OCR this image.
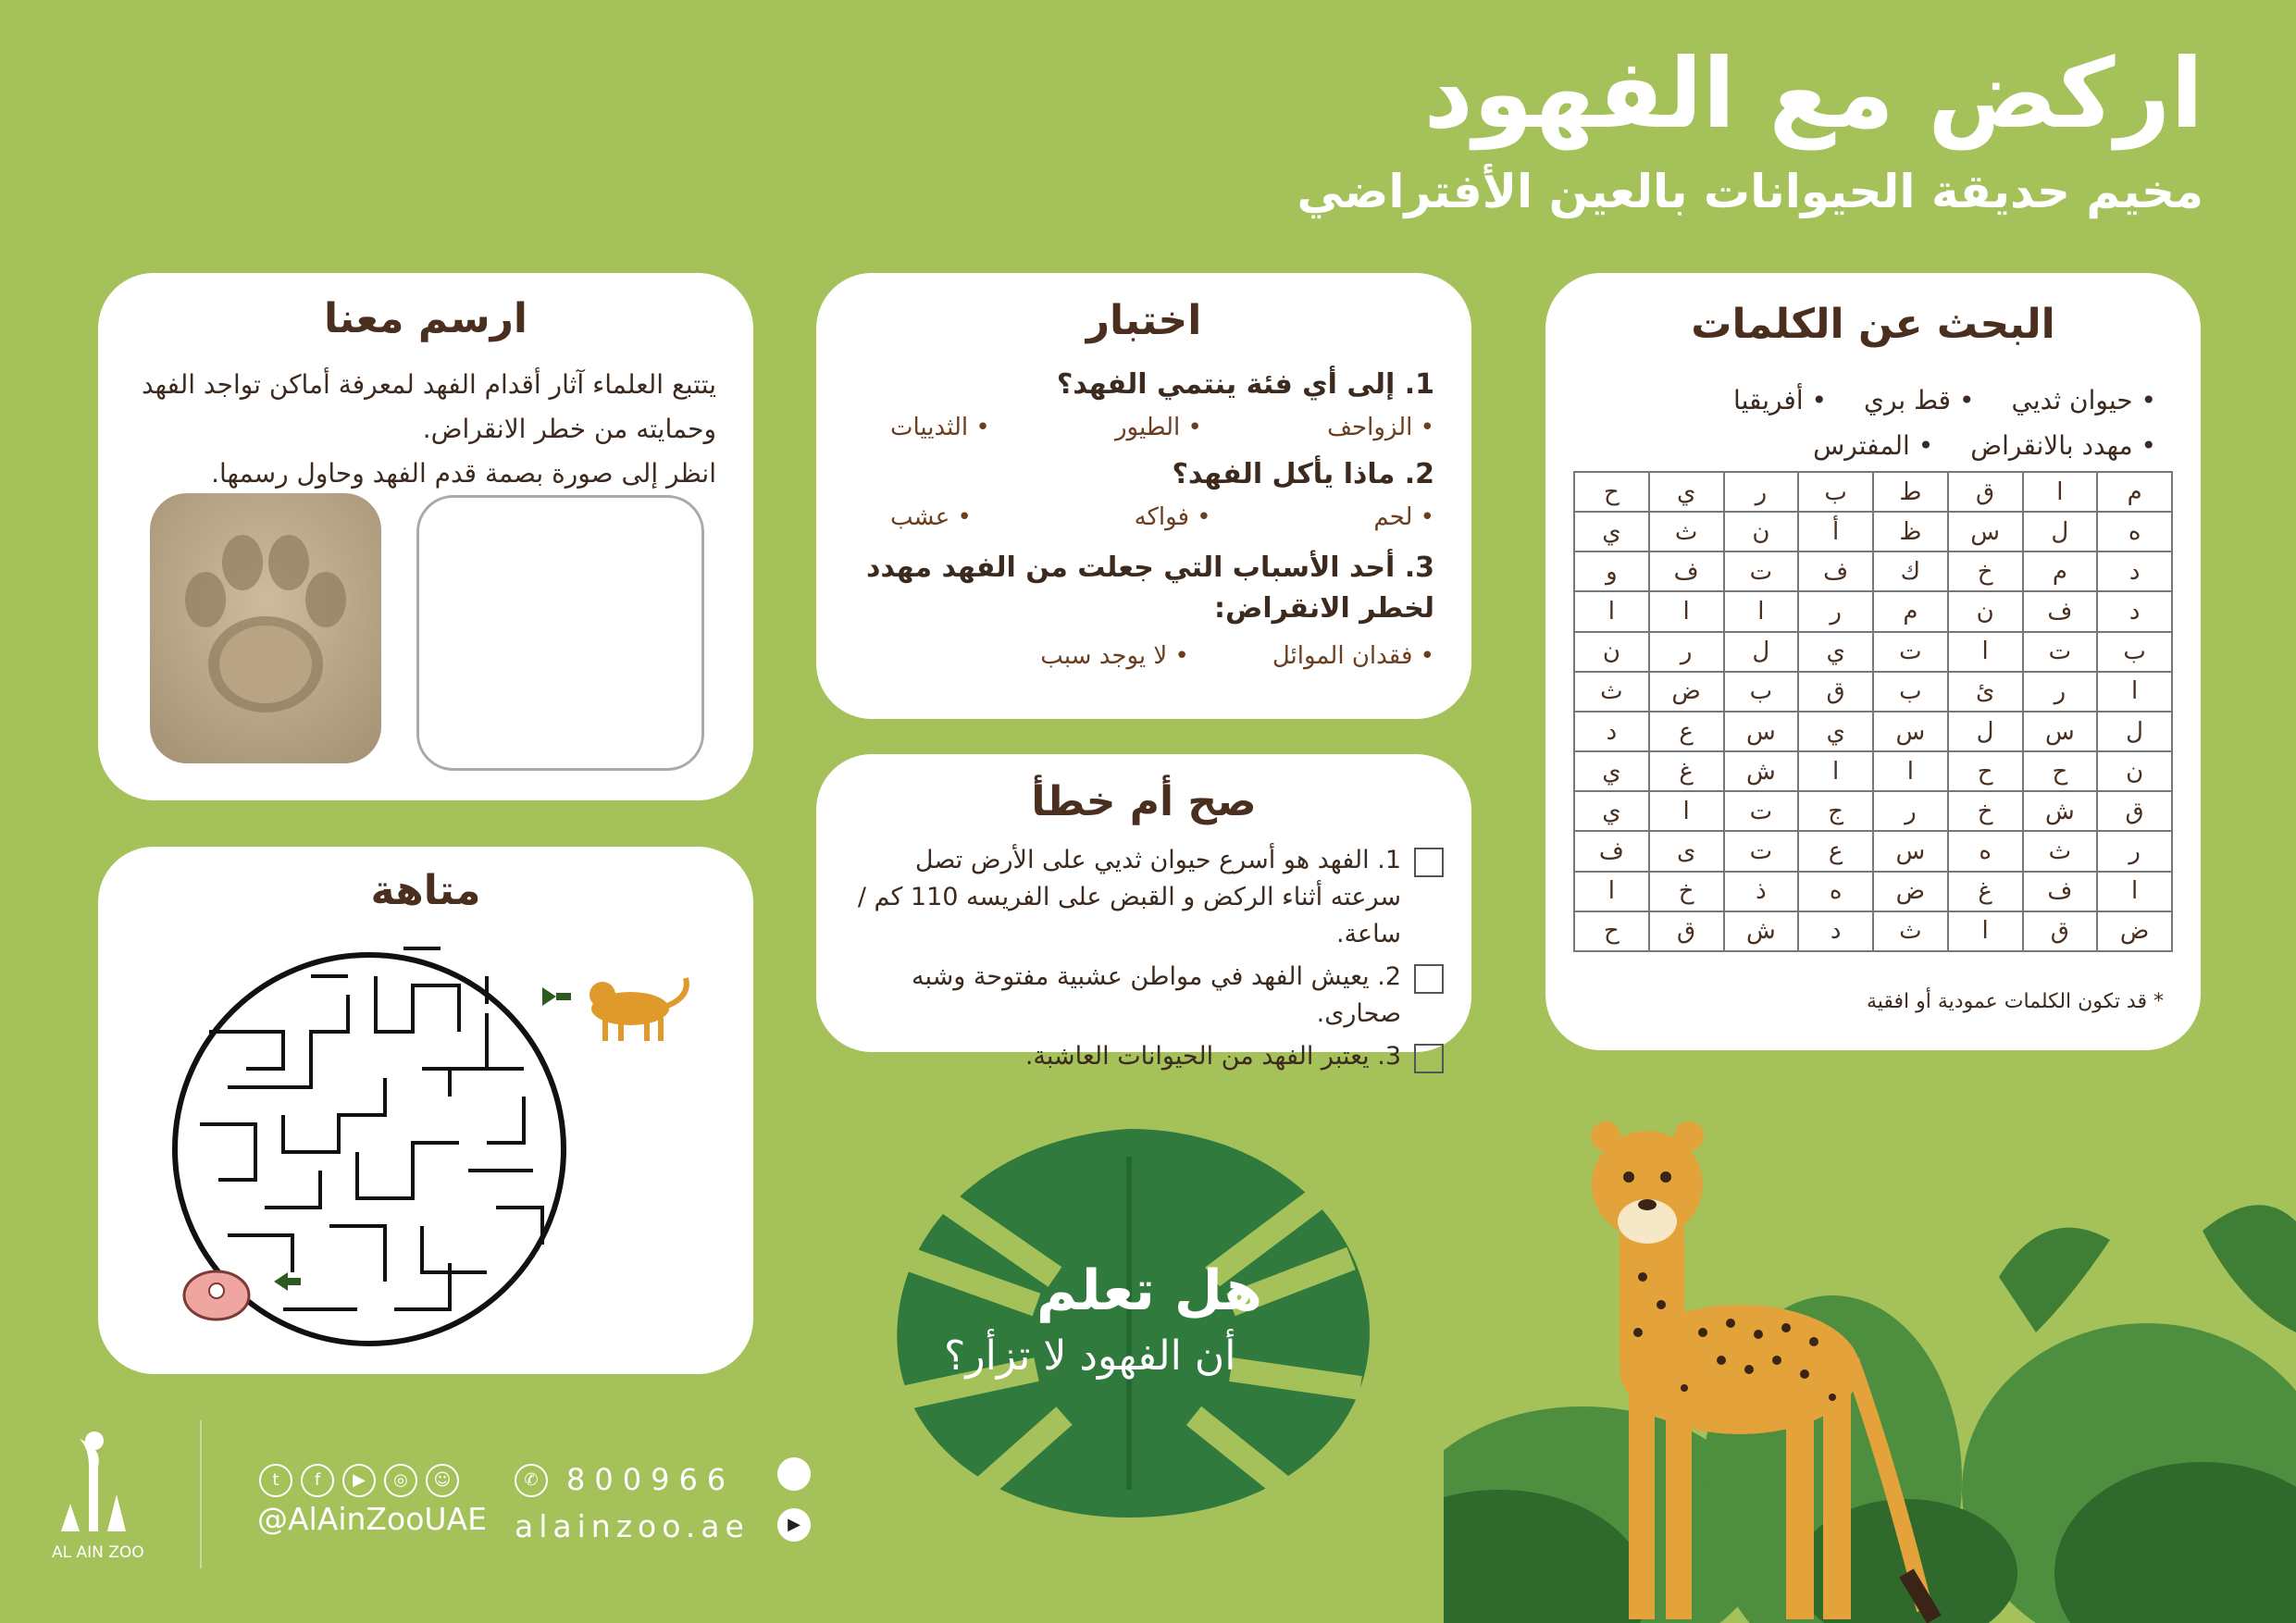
اركض مع الفهود
مخيم حديقة الحيوانات بالعين الأفتراضي
البحث عن الكلمات
• حيوان ثديي
• قط بري
• أفريقيا
• مهدد بالانقراض
• المفترس
م	ا	ق	ط	ب	ر	ي	ح
ه	ل	س	ظ	أ	ن	ث	ي
د	م	خ	ك	ف	ت	ف	و
د	ف	ن	م	ر	ا	ا	ا
ب	ت	ا	ت	ي	ل	ر	ن
ا	ر	ئ	ب	ق	ب	ض	ث
ل	س	ل	س	ي	س	ع	د
ن	ح	ح	ا	ا	ش	غ	ي
ق	ش	خ	ر	ج	ت	ا	ي
ر	ث	ه	س	ع	ت	ى	ف
ا	ف	غ	ض	ه	ذ	خ	ا
ض	ق	ا	ث	د	ش	ق	ح
* قد تكون الكلمات عمودية أو افقية
اختبار
1. إلى أي فئة ينتمي الفهد؟
• الزواحف
• الطيور
• الثدييات
2. ماذا يأكل الفهد؟
• لحم
• فواكه
• عشب
3. أحد الأسباب التي جعلت من الفهد مهدد لخطر الانقراض:
• فقدان الموائل
• لا يوجد سبب
صح أم خطأ
1. الفهد هو أسرع حيوان ثديي على الأرض تصل سرعته أثناء الركض و القبض على الفريسه 110 كم / ساعة.
2. يعيش الفهد في مواطن عشبية مفتوحة وشبه صحارى.
3. يعتبر الفهد من الحيوانات العاشبة.
ارسم معنا

يتتبع العلماء آثار أقدام الفهد لمعرفة أماكن تواجد الفهد وحمايته من خطر الانقراض.
انظر إلى صورة بصمة قدم الفهد وحاول رسمها.

متاهة
هل تعلم
أن الفهود لا تزأر؟
AL AIN ZOO
t	f	▶	◎	☺
@AlAinZooUAE
✆ 800966
alainzoo.ae	▶
